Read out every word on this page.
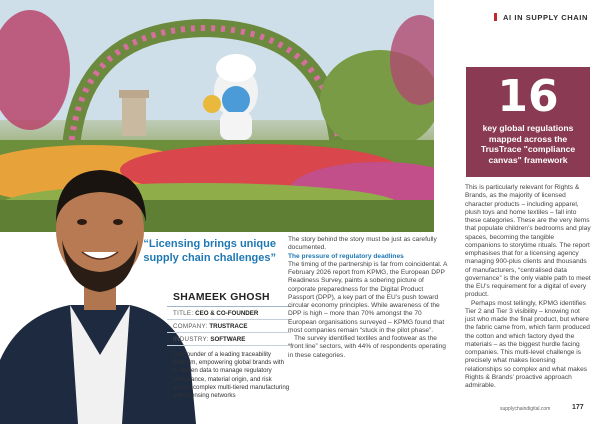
AI IN SUPPLY CHAIN
16
key global regulations mapped across the TrusTrace "compliance canvas" framework
“Licensing brings unique supply chain challenges”
SHAMEEK GHOSH
TITLE: CEO & CO-FOUNDER
COMPANY: TRUSTRACE
INDUSTRY: SOFTWARE
Co-Founder of a leading traceability platform, empowering global brands with AI-driven data to manage regulatory compliance, material origin, and risk across complex multi-tiered manufacturing and licensing networks

The story behind the story must be just as carefully documented.

The pressure of regulatory deadlines

The timing of the partnership is far from coincidental. A February 2026 report from KPMG, the European DPP Readiness Survey, paints a sobering picture of corporate preparedness for the Digital Product Passport (DPP), a key part of the EU’s push toward circular economy principles. While awareness of the DPP is high – more than 70% amongst the 70 European organisations surveyed – KPMG found that most companies remain “stuck in the pilot phase”.

The survey identified textiles and footwear as the “front line” sectors, with 44% of respondents operating in these categories.

This is particularly relevant for Rights & Brands, as the majority of licensed character products – including apparel, plush toys and home textiles – fall into these categories. These are the very items that populate children’s bedrooms and play spaces, becoming the tangible companions to storytime rituals. The report emphasises that for a licensing agency managing 900-plus clients and thousands of manufacturers, “centralised data governance” is the only viable path to meet the EU’s requirement for a digital of every product.

Perhaps most tellingly, KPMG identifies Tier 2 and Tier 3 visibility – knowing not just who made the final product, but where the fabric came from, which farm produced the cotton and which factory dyed the materials – as the biggest hurdle facing companies. This multi-level challenge is precisely what makes licensing relationships so complex and what makes Rights & Brands’ proactive approach admirable.

supplychaindigital.com	177
